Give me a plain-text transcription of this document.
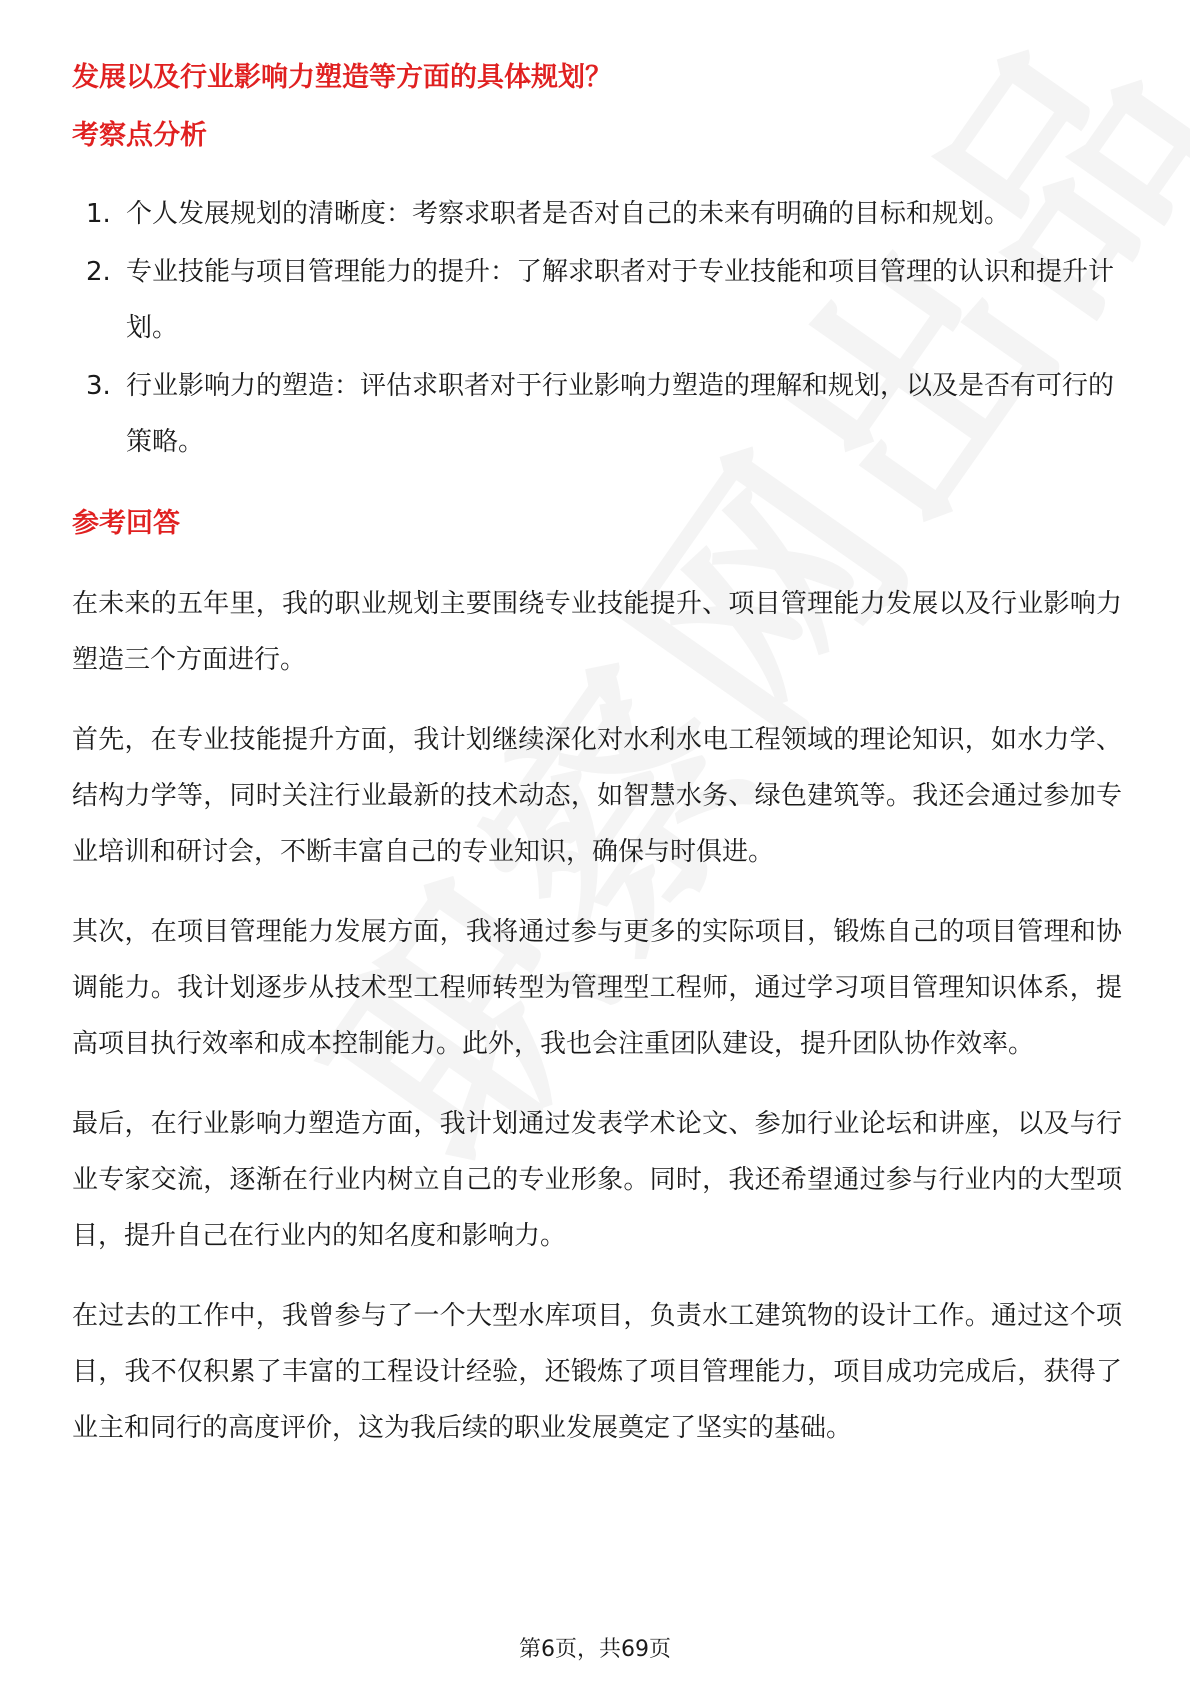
发展以及行业影响力塑造等方面的具体规划？

考察点分析

1. 个人发展规划的清晰度：考察求职者是否对自己的未来有明确的目标和规划。
2. 专业技能与项目管理能力的提升：了解求职者对于专业技能和项目管理的认识和提升计划。
3. 行业影响力的塑造：评估求职者对于行业影响力塑造的理解和规划，以及是否有可行的策略。

参考回答

在未来的五年里，我的职业规划主要围绕专业技能提升、项目管理能力发展以及行业影响力塑造三个方面进行。

首先，在专业技能提升方面，我计划继续深化对水利水电工程领域的理论知识，如水力学、结构力学等，同时关注行业最新的技术动态，如智慧水务、绿色建筑等。我还会通过参加专业培训和研讨会，不断丰富自己的专业知识，确保与时俱进。

其次，在项目管理能力发展方面，我将通过参与更多的实际项目，锻炼自己的项目管理和协调能力。我计划逐步从技术型工程师转型为管理型工程师，通过学习项目管理知识体系，提高项目执行效率和成本控制能力。此外，我也会注重团队建设，提升团队协作效率。

最后，在行业影响力塑造方面，我计划通过发表学术论文、参加行业论坛和讲座，以及与行业专家交流，逐渐在行业内树立自己的专业形象。同时，我还希望通过参与行业内的大型项目，提升自己在行业内的知名度和影响力。

在过去的工作中，我曾参与了一个大型水库项目，负责水工建筑物的设计工作。通过这个项目，我不仅积累了丰富的工程设计经验，还锻炼了项目管理能力，项目成功完成后，获得了业主和同行的高度评价，这为我后续的职业发展奠定了坚实的基础。

第6页，共69页
